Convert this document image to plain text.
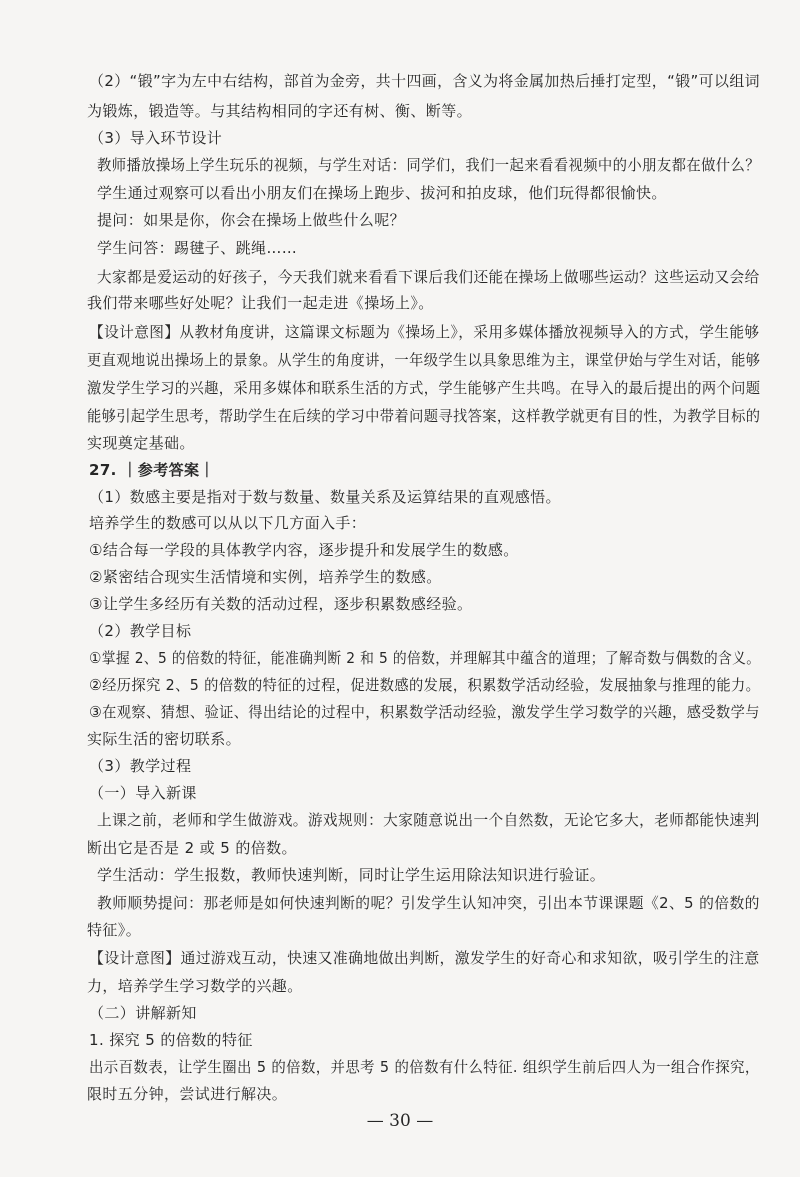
（2）“锻”字为左中右结构，部首为金旁，共十四画，含义为将金属加热后捶打定型，“锻”可以组词
为锻炼，锻造等。与其结构相同的字还有树、衡、断等。
（3）导入环节设计
教师播放操场上学生玩乐的视频，与学生对话：同学们，我们一起来看看视频中的小朋友都在做什么？
学生通过观察可以看出小朋友们在操场上跑步、拔河和拍皮球，他们玩得都很愉快。
提问：如果是你，你会在操场上做些什么呢？
学生问答：踢毽子、跳绳……
大家都是爱运动的好孩子，今天我们就来看看下课后我们还能在操场上做哪些运动？这些运动又会给
我们带来哪些好处呢？让我们一起走进《操场上》。
【设计意图】从教材角度讲，这篇课文标题为《操场上》，采用多媒体播放视频导入的方式，学生能够
更直观地说出操场上的景象。从学生的角度讲，一年级学生以具象思维为主，课堂伊始与学生对话，能够
激发学生学习的兴趣，采用多媒体和联系生活的方式，学生能够产生共鸣。在导入的最后提出的两个问题
能够引起学生思考，帮助学生在后续的学习中带着问题寻找答案，这样教学就更有目的性，为教学目标的
实现奠定基础。
27. ｜参考答案｜
（1）数感主要是指对于数与数量、数量关系及运算结果的直观感悟。
培养学生的数感可以从以下几方面入手：
①结合每一学段的具体教学内容，逐步提升和发展学生的数感。
②紧密结合现实生活情境和实例，培养学生的数感。
③让学生多经历有关数的活动过程，逐步积累数感经验。
（2）教学目标
①掌握 2、5 的倍数的特征，能准确判断 2 和 5 的倍数，并理解其中蕴含的道理；了解奇数与偶数的含义。
②经历探究 2、5 的倍数的特征的过程，促进数感的发展，积累数学活动经验，发展抽象与推理的能力。
③在观察、猜想、验证、得出结论的过程中，积累数学活动经验，激发学生学习数学的兴趣，感受数学与
实际生活的密切联系。
（3）教学过程
（一）导入新课
上课之前，老师和学生做游戏。游戏规则：大家随意说出一个自然数，无论它多大，老师都能快速判
断出它是否是 2 或 5 的倍数。
学生活动：学生报数，教师快速判断，同时让学生运用除法知识进行验证。
教师顺势提问：那老师是如何快速判断的呢？引发学生认知冲突，引出本节课课题《2、5 的倍数的
特征》。
【设计意图】通过游戏互动，快速又准确地做出判断，激发学生的好奇心和求知欲，吸引学生的注意
力，培养学生学习数学的兴趣。
（二）讲解新知
1. 探究 5 的倍数的特征
出示百数表，让学生圈出 5 的倍数，并思考 5 的倍数有什么特征. 组织学生前后四人为一组合作探究，
限时五分钟，尝试进行解决。
— 30 —
